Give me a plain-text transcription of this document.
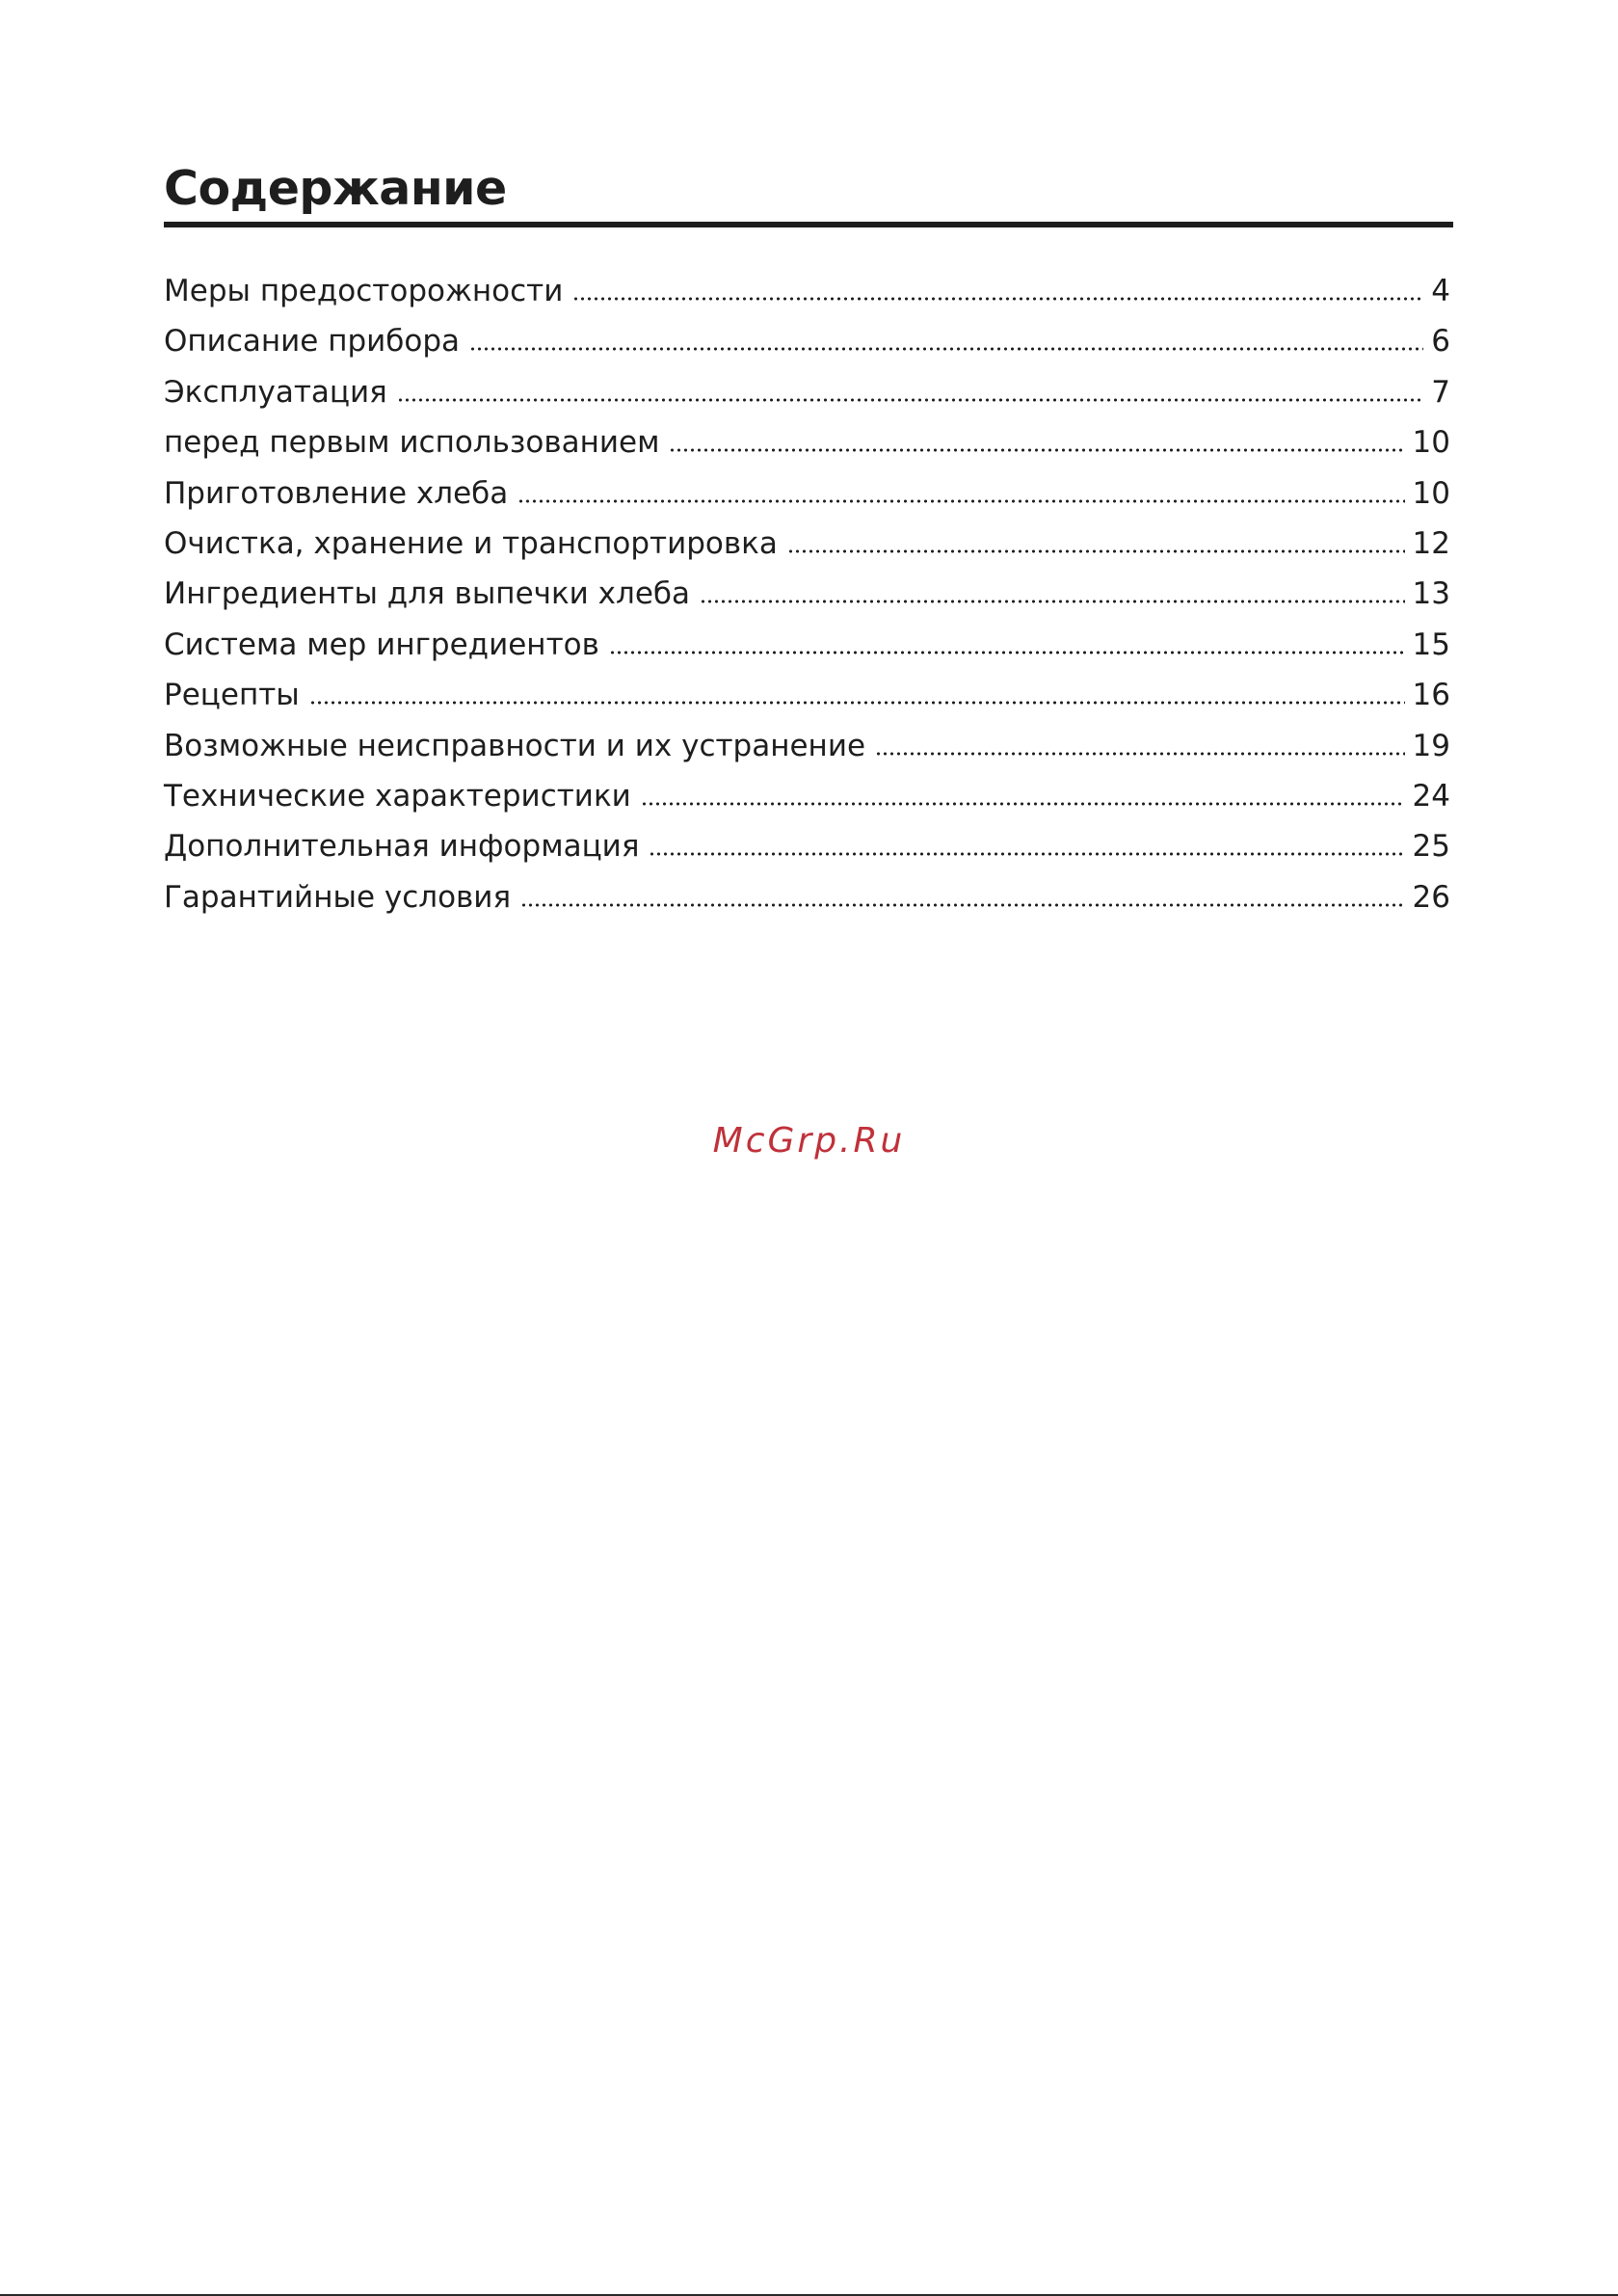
Содержание
Меры предосторожности	4
Описание прибора	6
Эксплуатация	7
перед первым использованием	10
Приготовление хлеба	10
Очистка, хранение и транспортировка	12
Ингредиенты для выпечки хлеба	13
Система мер ингредиентов	15
Рецепты	16
Возможные неисправности и их устранение	19
Технические характеристики	24
Дополнительная информация	25
Гарантийные условия	26
McGrp.Ru
